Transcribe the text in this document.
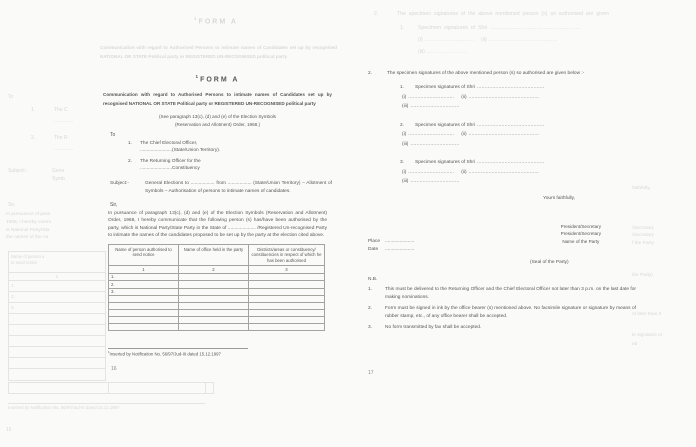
$^1$FORM A
Communication with regard to Authorised Persons to intimate names of Candidates set up by recognised NATIONAL OR STATE Political party or REGISTERED UN-RECOGNISED political party
To
1.	The C
..............
2.	The R
..............
Subject:-	Gene
Symb
Sir,
In pursuance of para
1968, I hereby comm
is National Party/Sta
the names of the ca
Name of person a
to send notice
1
1.
2.
3.
Inserted by Notification No. 56/97/Jud-III dated 15.12.1997
16
$^1$FORM A
Communication with regard to Authorised Persons to intimate names of Candidates set up by recognised NATIONAL OR STATE Political party or REGISTERED UN-RECOGNISED political party
(See paragraph 13(c), (d) and (e) of the Election Symbols
(Reservation and Allotment) Order, 1968.)
To
1.	The Chief Electoral Officer,
........................(State/Union Territory).
2.	The Returning Officer for the
........................Constituency
Subject:-	General Elections to .................. from .................. (State/Union Territory) – Allotment of Symbols – Authorisation of persons to intimate names of candidates.
Sir,
In pursuance of paragraph 13(c), (d) and (e) of the Election Symbols (Reservation and Allotment) Order, 1968, I hereby communicate that the following person (s) has/have been authorised by the party, which is National Party/State Party in the State of ..................... /Registered Un-recognised Party to intimate the names of the candidates proposed to be set up by the party at the election cited above.
Name of person authorised to send notice	Name of office held in the party	Districts/areas or constituency/ constituencies in respect of which he has been authorised
1	2	3
1.		
2.		
3.		

$^1$Inserted by Notification No. 56/97/Jud-III dated 15.12.1997
16
2.	The specimen signatures of the above mentioned person (s) so authorised are given
1.	Specimen signatures of Shri ..............................................................
(i) .............................. (ii) ..........................................
(iii) .........................
2.	The specimen signatures of the above mentioned person (s) so authorised are given below :-
1.	Specimen signatures of Shri ............................................
(i) .............................. (ii) ..............................................
(iii) ................................
2.	Specimen signatures of Shri ............................................
(i) .............................. (ii) ..............................................
(iii) ................................
3.	Specimen signatures of Shri ............................................
(i) .............................. (ii) ..............................................
(iii) ................................
Yours faithfully,
President/Secretary
President/Secretary
Name of the Party
Place ......................
Date ......................
(Seal of the Party)
N.B.
1.	This must be delivered to the Returning Officer and the Chief Electoral Officer not later than 3 p.m. on the last date for making nominations.
2.	Form must be signed in ink by the office bearer (s) mentioned above. No facsimile signature or signature by means of rubber stamp, etc., of any office bearer shall be accepted.
3.	No form transmitted by fax shall be accepted.
17
faithfully,
/Secretary
/Secretary
f the Party
the Party)
ot later than 3
le signature or
ed
